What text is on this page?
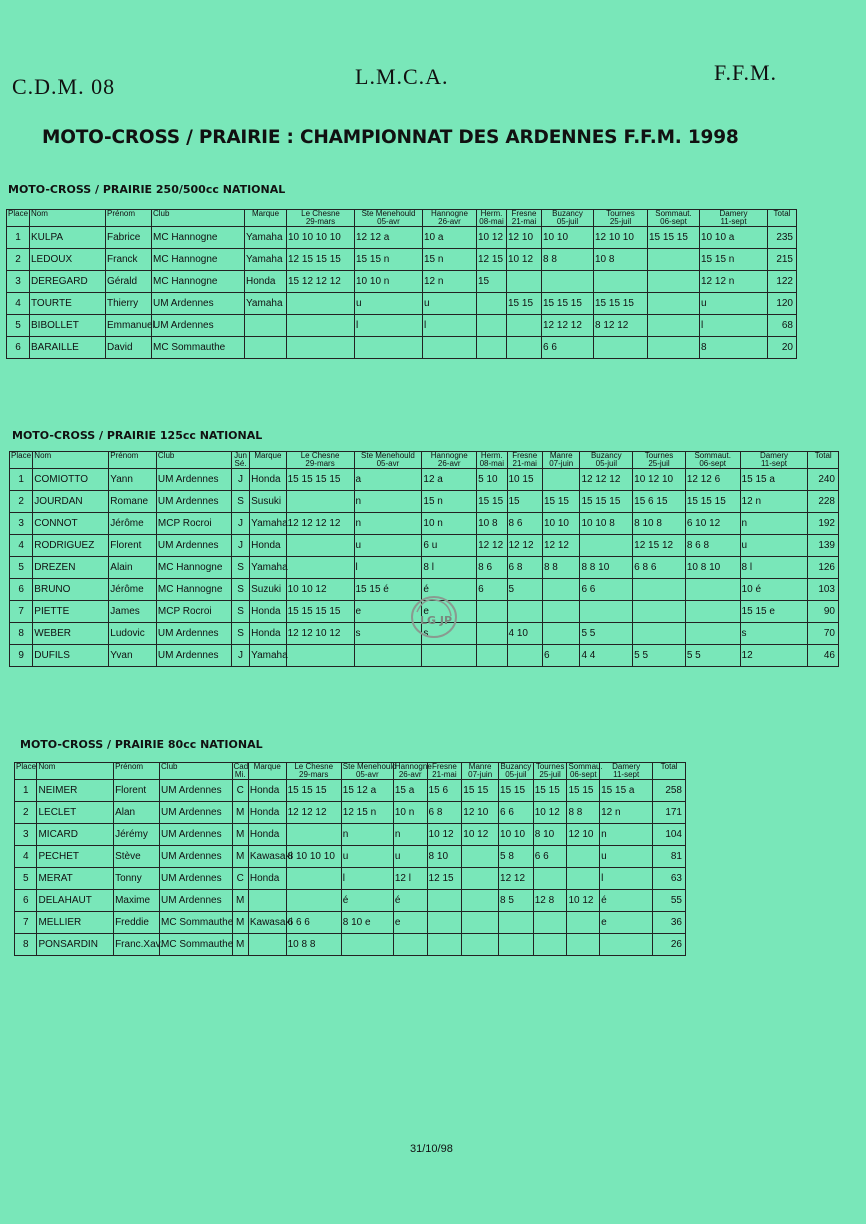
C.D.M. 08	L.M.C.A.	F.F.M.
MOTO-CROSS / PRAIRIE : CHAMPIONNAT DES ARDENNES F.F.M. 1998
MOTO-CROSS / PRAIRIE 250/500cc NATIONAL
Place	Nom	Prénom	Club	Marque	Le Chesne	Ste Menehould	Hannogne	Herm.	Fresne	Buzancy	Tournes	Sommaut.	Damery	Total
					29-mars	05-avr	26-avr	08-mai	21-mai	05-juil	25-juil	06-sept	11-sept	
1	KULPA	Fabrice	MC Hannogne	Yamaha	10 10 10 10	12 12 a	10 a	10 12	12 10	10 10	12 10 10	15 15 15	10 10 a	235
2	LEDOUX	Franck	MC Hannogne	Yamaha	12 15 15 15	15 15 n	15 n	12 15	10 12	8 8	10 8		15 15 n	215
3	DEREGARD	Gérald	MC Hannogne	Honda	15 12 12 12	10 10 n	12 n	15					12 12 n	122
4	TOURTE	Thierry	UM Ardennes	Yamaha		u	u		15 15	15 15 15	15 15 15		u	120
5	BIBOLLET	Emmanuel	UM Ardennes			l	l			12 12 12	8 12 12		l	68
6	BARAILLE	David	MC Sommauthe							6 6			8	20
MOTO-CROSS / PRAIRIE 125cc NATIONAL
Place	Nom	Prénom	Club	Jun	Marque	Le Chesne	Ste Menehould	Hannogne	Herm.	Fresne	Manre	Buzancy	Tournes	Sommaut.	Damery	Total
				Sé.		29-mars	05-avr	26-avr	08-mai	21-mai	07-juin	05-juil	25-juil	06-sept	11-sept	
1	COMIOTTO	Yann	UM Ardennes	J	Honda	15 15 15 15	a	12 a	5 10	10 15		12 12 12	10 12 10	12 12 6	15 15 a	240
2	JOURDAN	Romane	UM Ardennes	S	Susuki		n	15 n	15 15	15	15 15	15 15 15	15 6 15	15 15 15	12 n	228
3	CONNOT	Jérôme	MCP Rocroi	J	Yamaha	12 12 12 12	n	10 n	10 8	8 6	10 10	10 10 8	8 10 8	6 10 12	n	192
4	RODRIGUEZ	Florent	UM Ardennes	J	Honda		u	6 u	12 12	12 12	12 12		12 15 12	8 6 8	u	139
5	DREZEN	Alain	MC Hannogne	S	Yamaha		l	8 l	8 6	6 8	8 8	8 8 10	6 8 6	10 8 10	8 l	126
6	BRUNO	Jérôme	MC Hannogne	S	Suzuki	10 10 12	15 15 é	é	6	5		6 6			10 é	103
7	PIETTE	James	MCP Rocroi	S	Honda	15 15 15 15	e	e							15 15 e	90
8	WEBER	Ludovic	UM Ardennes	S	Honda	12 12 10 12	s	s		4 10		5 5			s	70
9	DUFILS	Yvan	UM Ardennes	J	Yamaha						6	4 4	5 5	5 5	12	46
MOTO-CROSS / PRAIRIE 80cc NATIONAL
Place	Nom	Prénom	Club	Cad	Marque	Le Chesne	Ste Menehould	Hannogne	Fresne	Manre	Buzancy	Tournes	Sommau.	Damery	Total
				Mi.		29-mars	05-avr	26-avr	21-mai	07-juin	05-juil	25-juil	06-sept	11-sept	
1	NEIMER	Florent	UM Ardennes	C	Honda	15 15 15	15 12 a	15 a	15 6	15 15	15 15	15 15	15 15	15 15 a	258
2	LECLET	Alan	UM Ardennes	M	Honda	12 12 12	12 15 n	10 n	6 8	12 10	6 6	10 12	8 8	12 n	171
3	MICARD	Jérémy	UM Ardennes	M	Honda		n	n	10 12	10 12	10 10	8 10	12 10	n	104
4	PECHET	Stève	UM Ardennes	M	Kawasaki	8 10 10 10	u	u	8 10		5 8	6 6		u	81
5	MERAT	Tonny	UM Ardennes	C	Honda		l	12 l	12 15		12 12			l	63
6	DELAHAUT	Maxime	UM Ardennes	M			é	é			8 5	12 8	10 12	é	55
7	MELLIER	Freddie	MC Sommauthe	M	Kawasaki	6 6 6	8 10 e	e						e	36
8	PONSARDIN	Franc.Xav.	MC Sommauthe	M		10 8 8									26
LG JP
31/10/98
